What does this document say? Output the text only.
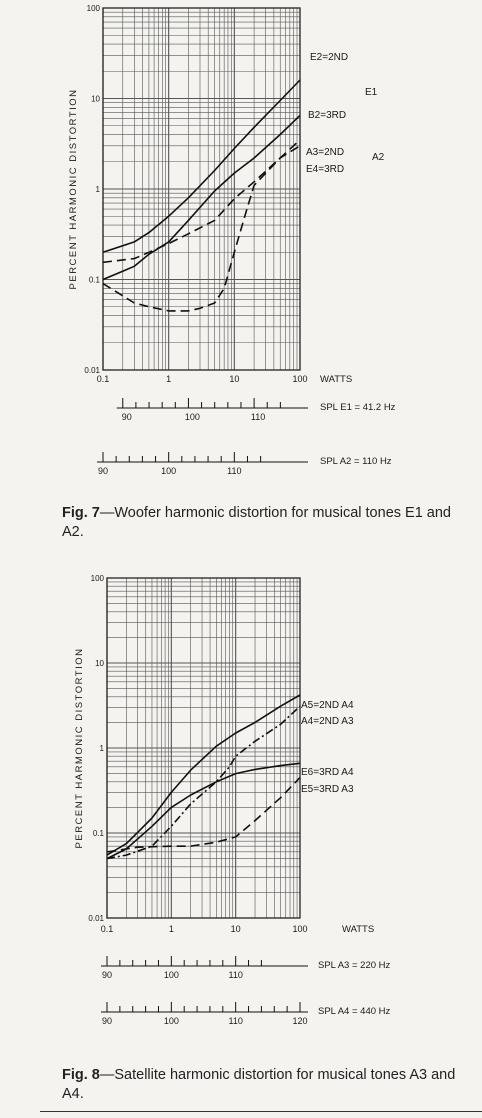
0.01
0.1
1
10
100
0.1	1	10	100 WATTS
PERCENT HARMONIC DISTORTION
E2=2ND
B2=3RD
A3=2ND
E4=3RD
E1
A2
90	100	110
SPL E1 = 41.2 Hz
90	100	110
SPL A2 = 110 Hz
0.01
0.1
1
10
100
0.1	1	10	100	WATTS
PERCENT HARMONIC DISTORTION	A5=2ND A4
A4=2ND A3
E6=3RD A4
E5=3RD A3
90	100	110
SPL A3 = 220 Hz
90	100	110	120
SPL A4 = 440 Hz

Fig. 7—Woofer harmonic distortion for musical tones E1 and A2.

Fig. 8—Satellite harmonic distortion for musical tones A3 and A4.
